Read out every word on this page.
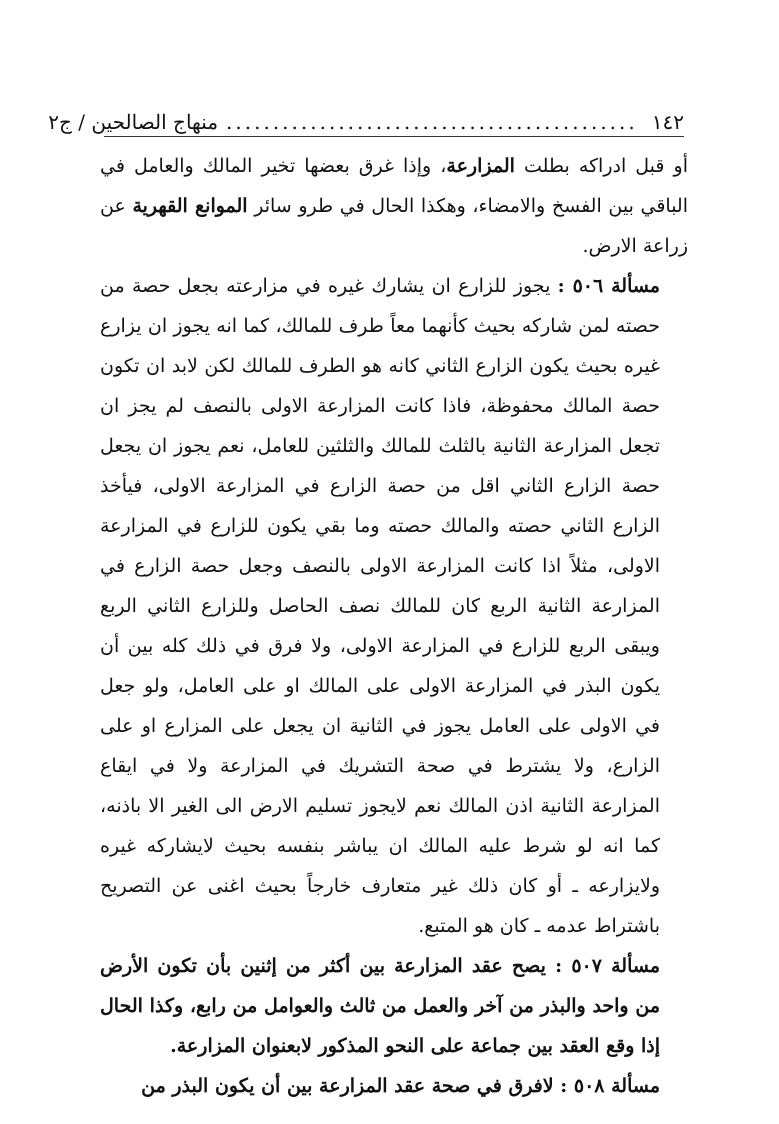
١٤٢
............................................
منهاج الصالحين / ج٢

أو قبل ادراكه بطلت المزارعة، وإذا غرق بعضها تخير المالك والعامل في الباقي بين الفسخ والامضاء، وهكذا الحال في طرو سائر الموانع القهرية عن زراعة الارض.

مسألة ٥٠٦ : يجوز للزارع ان يشارك غيره في مزارعته بجعل حصة من حصته لمن شاركه بحيث كأنهما معاً طرف للمالك، كما انه يجوز ان يزارع غيره بحيث يكون الزارع الثاني كانه هو الطرف للمالك لكن لابد ان تكون حصة المالك محفوظة، فاذا كانت المزارعة الاولى بالنصف لم يجز ان تجعل المزارعة الثانية بالثلث للمالك والثلثين للعامل، نعم يجوز ان يجعل حصة الزارع الثاني اقل من حصة الزارع في المزارعة الاولى، فيأخذ الزارع الثاني حصته والمالك حصته وما بقي يكون للزارع في المزارعة الاولى، مثلاً اذا كانت المزارعة الاولى بالنصف وجعل حصة الزارع في المزارعة الثانية الربع كان للمالك نصف الحاصل وللزارع الثاني الربع ويبقى الربع للزارع في المزارعة الاولى، ولا فرق في ذلك كله بين أن يكون البذر في المزارعة الاولى على المالك او على العامل، ولو جعل في الاولى على العامل يجوز في الثانية ان يجعل على المزارع او على الزارع، ولا يشترط في صحة التشريك في المزارعة ولا في ايقاع المزارعة الثانية اذن المالك نعم لايجوز تسليم الارض الى الغير الا باذنه، كما انه لو شرط عليه المالك ان يباشر بنفسه بحيث لايشاركه غيره ولايزارعه ـ أو كان ذلك غير متعارف خارجاً بحيث اغنى عن التصريح باشتراط عدمه ـ كان هو المتبع.

مسألة ٥٠٧ : يصح عقد المزارعة بين أكثر من إثنين بأن تكون الأرض من واحد والبذر من آخر والعمل من ثالث والعوامل من رابع، وكذا الحال إذا وقع العقد بين جماعة على النحو المذكور لابعنوان المزارعة.

مسألة ٥٠٨ : لافرق في صحة عقد المزارعة بين أن يكون البذر من
